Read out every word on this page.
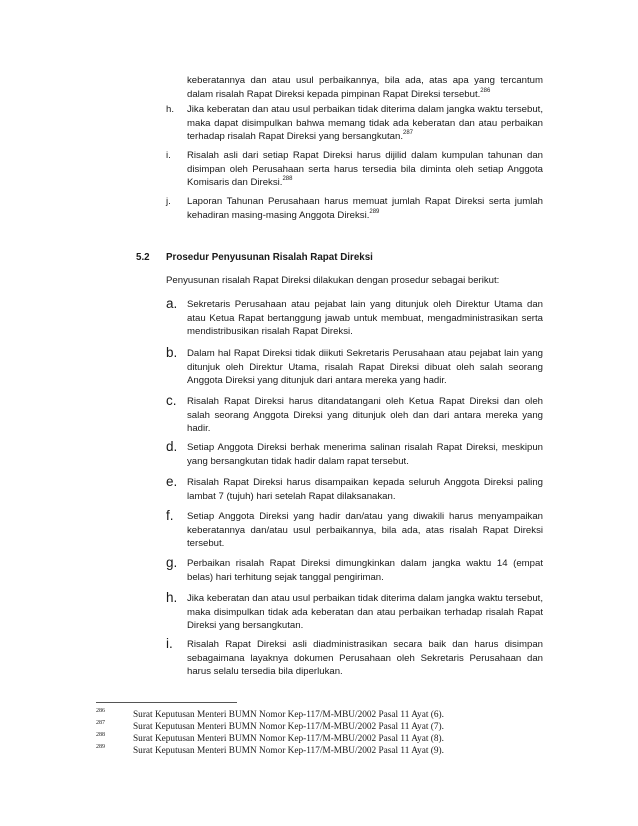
keberatannya dan atau usul perbaikannya, bila ada, atas apa yang tercantum dalam risalah Rapat Direksi kepada pimpinan Rapat Direksi tersebut.$^{286}$
h. Jika keberatan dan atau usul perbaikan tidak diterima dalam jangka waktu tersebut, maka dapat disimpulkan bahwa memang tidak ada keberatan dan atau perbaikan terhadap risalah Rapat Direksi yang bersangkutan.$^{287}$
i. Risalah asli dari setiap Rapat Direksi harus dijilid dalam kumpulan tahunan dan disimpan oleh Perusahaan serta harus tersedia bila diminta oleh setiap Anggota Komisaris dan Direksi.$^{288}$
j. Laporan Tahunan Perusahaan harus memuat jumlah Rapat Direksi serta jumlah kehadiran masing-masing Anggota Direksi.$^{289}$
5.2 Prosedur Penyusunan Risalah Rapat Direksi
Penyusunan risalah Rapat Direksi dilakukan dengan prosedur sebagai berikut:
a. Sekretaris Perusahaan atau pejabat lain yang ditunjuk oleh Direktur Utama dan atau Ketua Rapat bertanggung jawab untuk membuat, mengadministrasikan serta mendistribusikan risalah Rapat Direksi.
b. Dalam hal Rapat Direksi tidak diikuti Sekretaris Perusahaan atau pejabat lain yang ditunjuk oleh Direktur Utama, risalah Rapat Direksi dibuat oleh salah seorang Anggota Direksi yang ditunjuk dari antara mereka yang hadir.
c. Risalah Rapat Direksi harus ditandatangani oleh Ketua Rapat Direksi dan oleh salah seorang Anggota Direksi yang ditunjuk oleh dan dari antara mereka yang hadir.
d. Setiap Anggota Direksi berhak menerima salinan risalah Rapat Direksi, meskipun yang bersangkutan tidak hadir dalam rapat tersebut.
e. Risalah Rapat Direksi harus disampaikan kepada seluruh Anggota Direksi paling lambat 7 (tujuh) hari setelah Rapat dilaksanakan.
f. Setiap Anggota Direksi yang hadir dan/atau yang diwakili harus menyampaikan keberatannya dan/atau usul perbaikannya, bila ada, atas risalah Rapat Direksi tersebut.
g. Perbaikan risalah Rapat Direksi dimungkinkan dalam jangka waktu 14 (empat belas) hari terhitung sejak tanggal pengiriman.
h. Jika keberatan dan atau usul perbaikan tidak diterima dalam jangka waktu tersebut, maka disimpulkan tidak ada keberatan dan atau perbaikan terhadap risalah Rapat Direksi yang bersangkutan.
i. Risalah Rapat Direksi asli diadministrasikan secara baik dan harus disimpan sebagaimana layaknya dokumen Perusahaan oleh Sekretaris Perusahaan dan harus selalu tersedia bila diperlukan.
286	Surat Keputusan Menteri BUMN Nomor Kep-117/M-MBU/2002 Pasal 11 Ayat (6).
287	Surat Keputusan Menteri BUMN Nomor Kep-117/M-MBU/2002 Pasal 11 Ayat (7).
288	Surat Keputusan Menteri BUMN Nomor Kep-117/M-MBU/2002 Pasal 11 Ayat (8).
289	Surat Keputusan Menteri BUMN Nomor Kep-117/M-MBU/2002 Pasal 11 Ayat (9).
